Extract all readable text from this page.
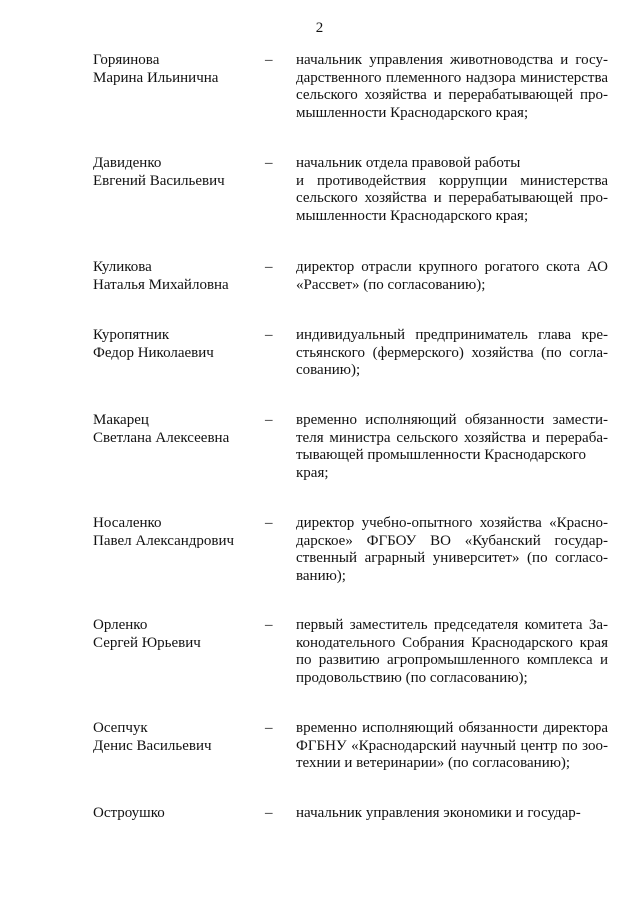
2
Горяинова
Марина Ильинична
– начальник управления животноводства и госу-
дарственного племенного надзора министерства
сельского хозяйства и перерабатывающей про-
мышленности Краснодарского края;
Давиденко
Евгений Васильевич
– начальник отдела правовой работы
и противодействия коррупции министерства
сельского хозяйства и перерабатывающей про-
мышленности Краснодарского края;
Куликова
Наталья Михайловна
– директор отрасли крупного рогатого скота АО
«Рассвет» (по согласованию);
Куропятник
Федор Николаевич
– индивидуальный предприниматель глава кре-
стьянского (фермерского) хозяйства (по согла-
сованию);
Макарец
Светлана Алексеевна
– временно исполняющий обязанности замести-
теля министра сельского хозяйства и перераба-
тывающей промышленности Краснодарского
края;
Носаленко
Павел Александрович
– директор учебно-опытного хозяйства «Красно-
дарское» ФГБОУ ВО «Кубанский государ-
ственный аграрный университет» (по согласо-
ванию);
Орленко
Сергей Юрьевич
– первый заместитель председателя комитета За-
конодательного Собрания Краснодарского края
по развитию агропромышленного комплекса и
продовольствию (по согласованию);
Осепчук
Денис Васильевич
– временно исполняющий обязанности директора
ФГБНУ «Краснодарский научный центр по зоо-
технии и ветеринарии» (по согласованию);
Остроушко	– начальник управления экономики и государ-
